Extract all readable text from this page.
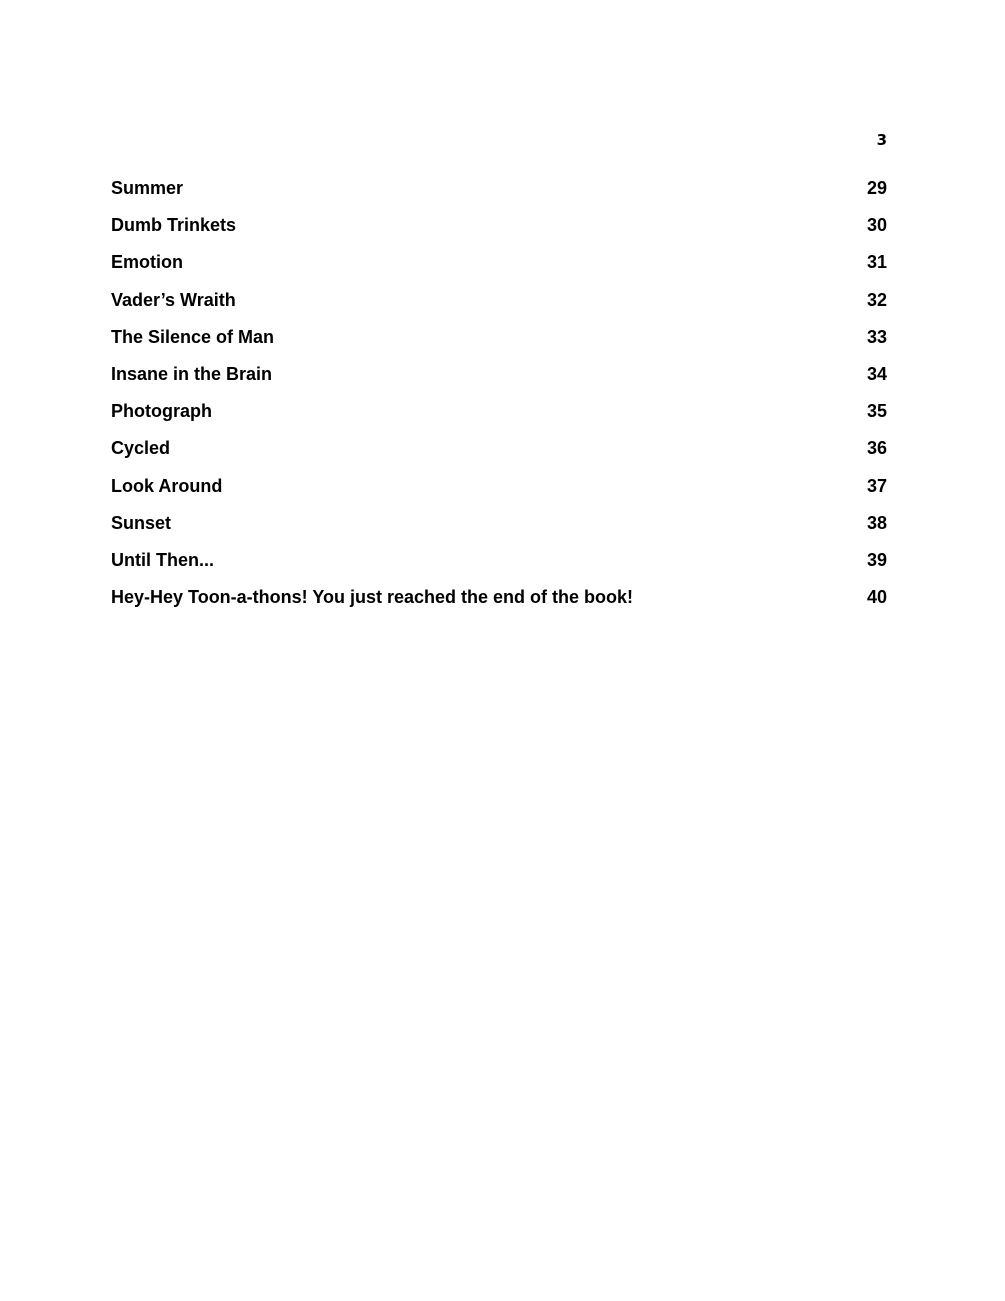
3
Summer	29
Dumb Trinkets	30
Emotion	31
Vader’s Wraith	32
The Silence of Man	33
Insane in the Brain	34
Photograph	35
Cycled	36
Look Around	37
Sunset	38
Until Then...	39
Hey-Hey Toon-a-thons! You just reached the end of the book!	40
